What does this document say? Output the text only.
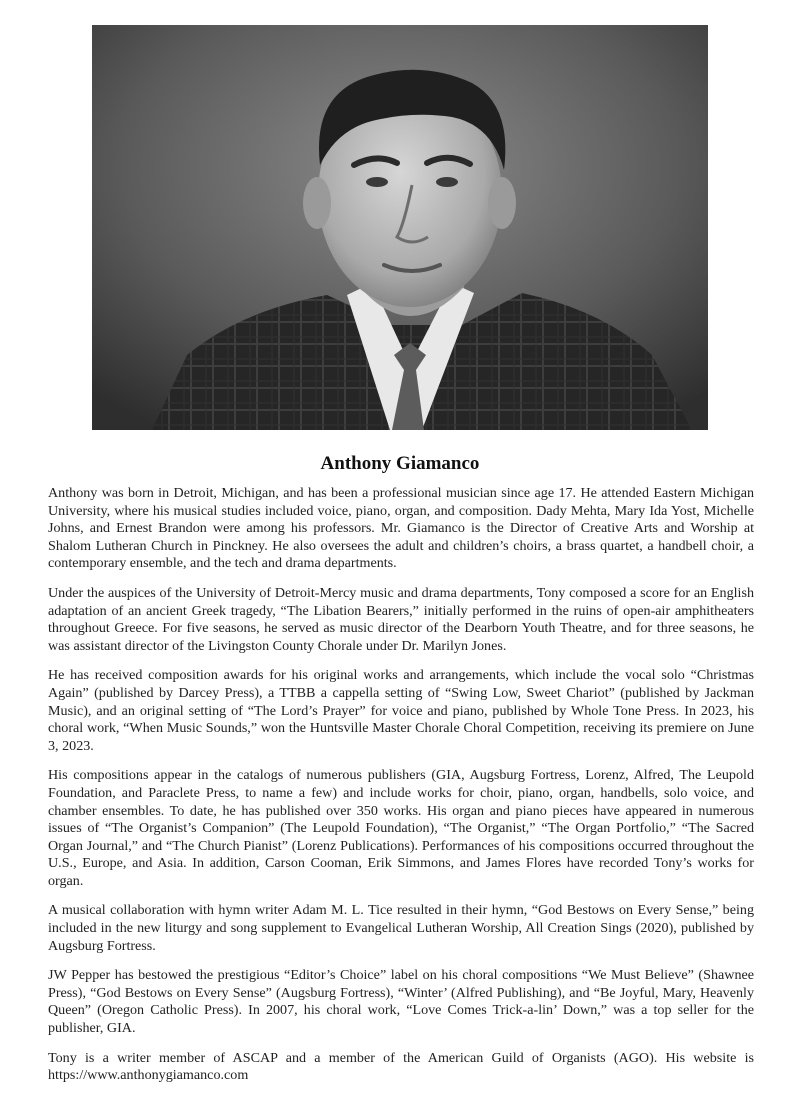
Anthony Giamanco

Anthony was born in Detroit, Michigan, and has been a professional musician since age 17. He attended Eastern Michigan University, where his musical studies included voice, piano, organ, and composition. Dady Mehta, Mary Ida Yost, Michelle Johns, and Ernest Brandon were among his professors. Mr. Giamanco is the Director of Creative Arts and Worship at Shalom Lutheran Church in Pinckney. He also oversees the adult and children’s choirs, a brass quartet, a handbell choir, a contemporary ensemble, and the tech and drama departments.

Under the auspices of the University of Detroit-Mercy music and drama departments, Tony composed a score for an English adaptation of an ancient Greek tragedy, “The Libation Bearers,” initially performed in the ruins of open-air amphitheaters throughout Greece. For five seasons, he served as music director of the Dearborn Youth Theatre, and for three seasons, he was assistant director of the Livingston County Chorale under Dr. Marilyn Jones.

He has received composition awards for his original works and arrangements, which include the vocal solo “Christmas Again” (published by Darcey Press), a TTBB a cappella setting of “Swing Low, Sweet Chariot” (published by Jackman Music), and an original setting of “The Lord’s Prayer” for voice and piano, published by Whole Tone Press. In 2023, his choral work, “When Music Sounds,” won the Huntsville Master Chorale Choral Competition, receiving its premiere on June 3, 2023.

His compositions appear in the catalogs of numerous publishers (GIA, Augsburg Fortress, Lorenz, Alfred, The Leupold Foundation, and Paraclete Press, to name a few) and include works for choir, piano, organ, handbells, solo voice, and chamber ensembles. To date, he has published over 350 works. His organ and piano pieces have appeared in numerous issues of “The Organist’s Companion” (The Leupold Foundation), “The Organist,” “The Organ Portfolio,” “The Sacred Organ Journal,” and “The Church Pianist” (Lorenz Publications). Performances of his compositions occurred throughout the U.S., Europe, and Asia. In addition, Carson Cooman, Erik Simmons, and James Flores have recorded Tony’s works for organ.

A musical collaboration with hymn writer Adam M. L. Tice resulted in their hymn, “God Bestows on Every Sense,” being included in the new liturgy and song supplement to Evangelical Lutheran Worship, All Creation Sings (2020), published by Augsburg Fortress.

JW Pepper has bestowed the prestigious “Editor’s Choice” label on his choral compositions “We Must Believe” (Shawnee Press), “God Bestows on Every Sense” (Augsburg Fortress), “Winter’ (Alfred Publishing), and “Be Joyful, Mary, Heavenly Queen” (Oregon Catholic Press). In 2007, his choral work, “Love Comes Trick-a-lin’ Down,” was a top seller for the publisher, GIA.

Tony is a writer member of ASCAP and a member of the American Guild of Organists (AGO). His website is https://www.anthonygiamanco.com
